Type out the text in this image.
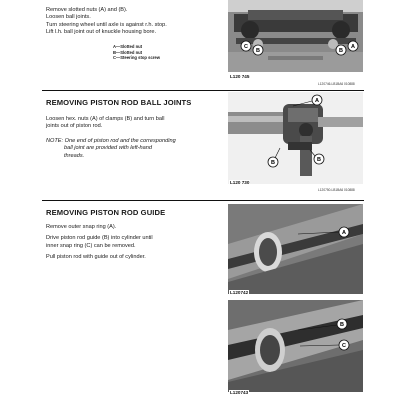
Remove slotted nuts (A) and (B).
Loosen ball joints.
Turn steering wheel until axle is against r.h. stop.
Lift l.h. ball joint out of knuckle housing bore.
A—Slotted nut
B—Slotted nut
C—Steering stop screw
B
C
B
A
L120 745
L120746-LB1BA6 010888
REMOVING PISTON ROD BALL JOINTS
Loosen hex. nuts (A) of clamps (B) and turn ball
joints out of piston rod.
NOTE: One end of piston rod and the corresponding
ball joint are provided with left-hand
threads.
A
B	B
L120 730
L120750-LB1BA6 010888
REMOVING PISTON ROD GUIDE
Remove outer snap ring (A).
Drive piston rod guide (B) into cylinder until
inner snap ring (C) can be removed.
Pull piston rod with guide out of cylinder.
A
L120742
B
C
L120743
